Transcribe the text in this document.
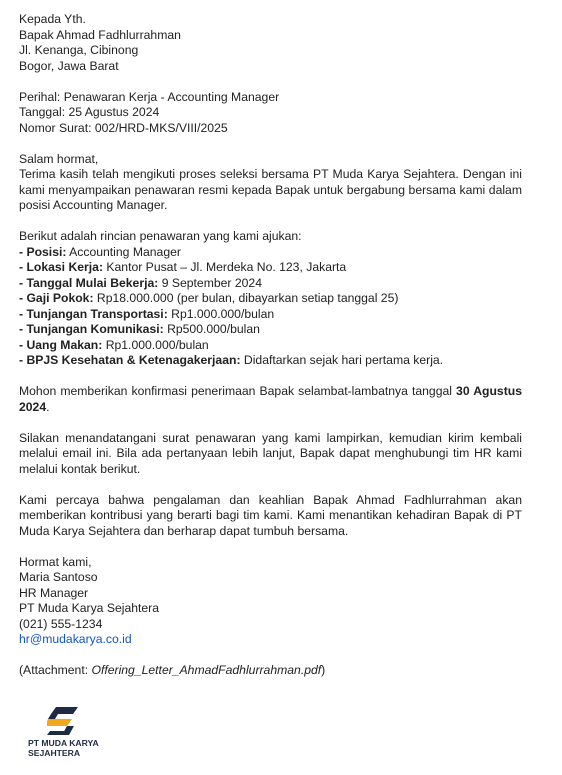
Kepada Yth.
Bapak Ahmad Fadhlurrahman
Jl. Kenanga, Cibinong
Bogor, Jawa Barat
Perihal: Penawaran Kerja - Accounting Manager
Tanggal: 25 Agustus 2024
Nomor Surat: 002/HRD-MKS/VIII/2025
Salam hormat,
Terima kasih telah mengikuti proses seleksi bersama PT Muda Karya Sejahtera. Dengan ini
kami menyampaikan penawaran resmi kepada Bapak untuk bergabung bersama kami dalam
posisi Accounting Manager.
Berikut adalah rincian penawaran yang kami ajukan:
- Posisi: Accounting Manager
- Lokasi Kerja: Kantor Pusat – Jl. Merdeka No. 123, Jakarta
- Tanggal Mulai Bekerja: 9 September 2024
- Gaji Pokok: Rp18.000.000 (per bulan, dibayarkan setiap tanggal 25)
- Tunjangan Transportasi: Rp1.000.000/bulan
- Tunjangan Komunikasi: Rp500.000/bulan
- Uang Makan: Rp1.000.000/bulan
- BPJS Kesehatan & Ketenagakerjaan: Didaftarkan sejak hari pertama kerja.
Mohon memberikan konfirmasi penerimaan Bapak selambat-lambatnya tanggal 30 Agustus
2024.
Silakan menandatangani surat penawaran yang kami lampirkan, kemudian kirim kembali
melalui email ini. Bila ada pertanyaan lebih lanjut, Bapak dapat menghubungi tim HR kami
melalui kontak berikut.
Kami percaya bahwa pengalaman dan keahlian Bapak Ahmad Fadhlurrahman akan
memberikan kontribusi yang berarti bagi tim kami. Kami menantikan kehadiran Bapak di PT
Muda Karya Sejahtera dan berharap dapat tumbuh bersama.
Hormat kami,
Maria Santoso
HR Manager
PT Muda Karya Sejahtera
(021) 555-1234
hr@mudakarya.co.id
(Attachment: Offering_Letter_AhmadFadhlurrahman.pdf)
PT MUDA KARYA
SEJAHTERA
